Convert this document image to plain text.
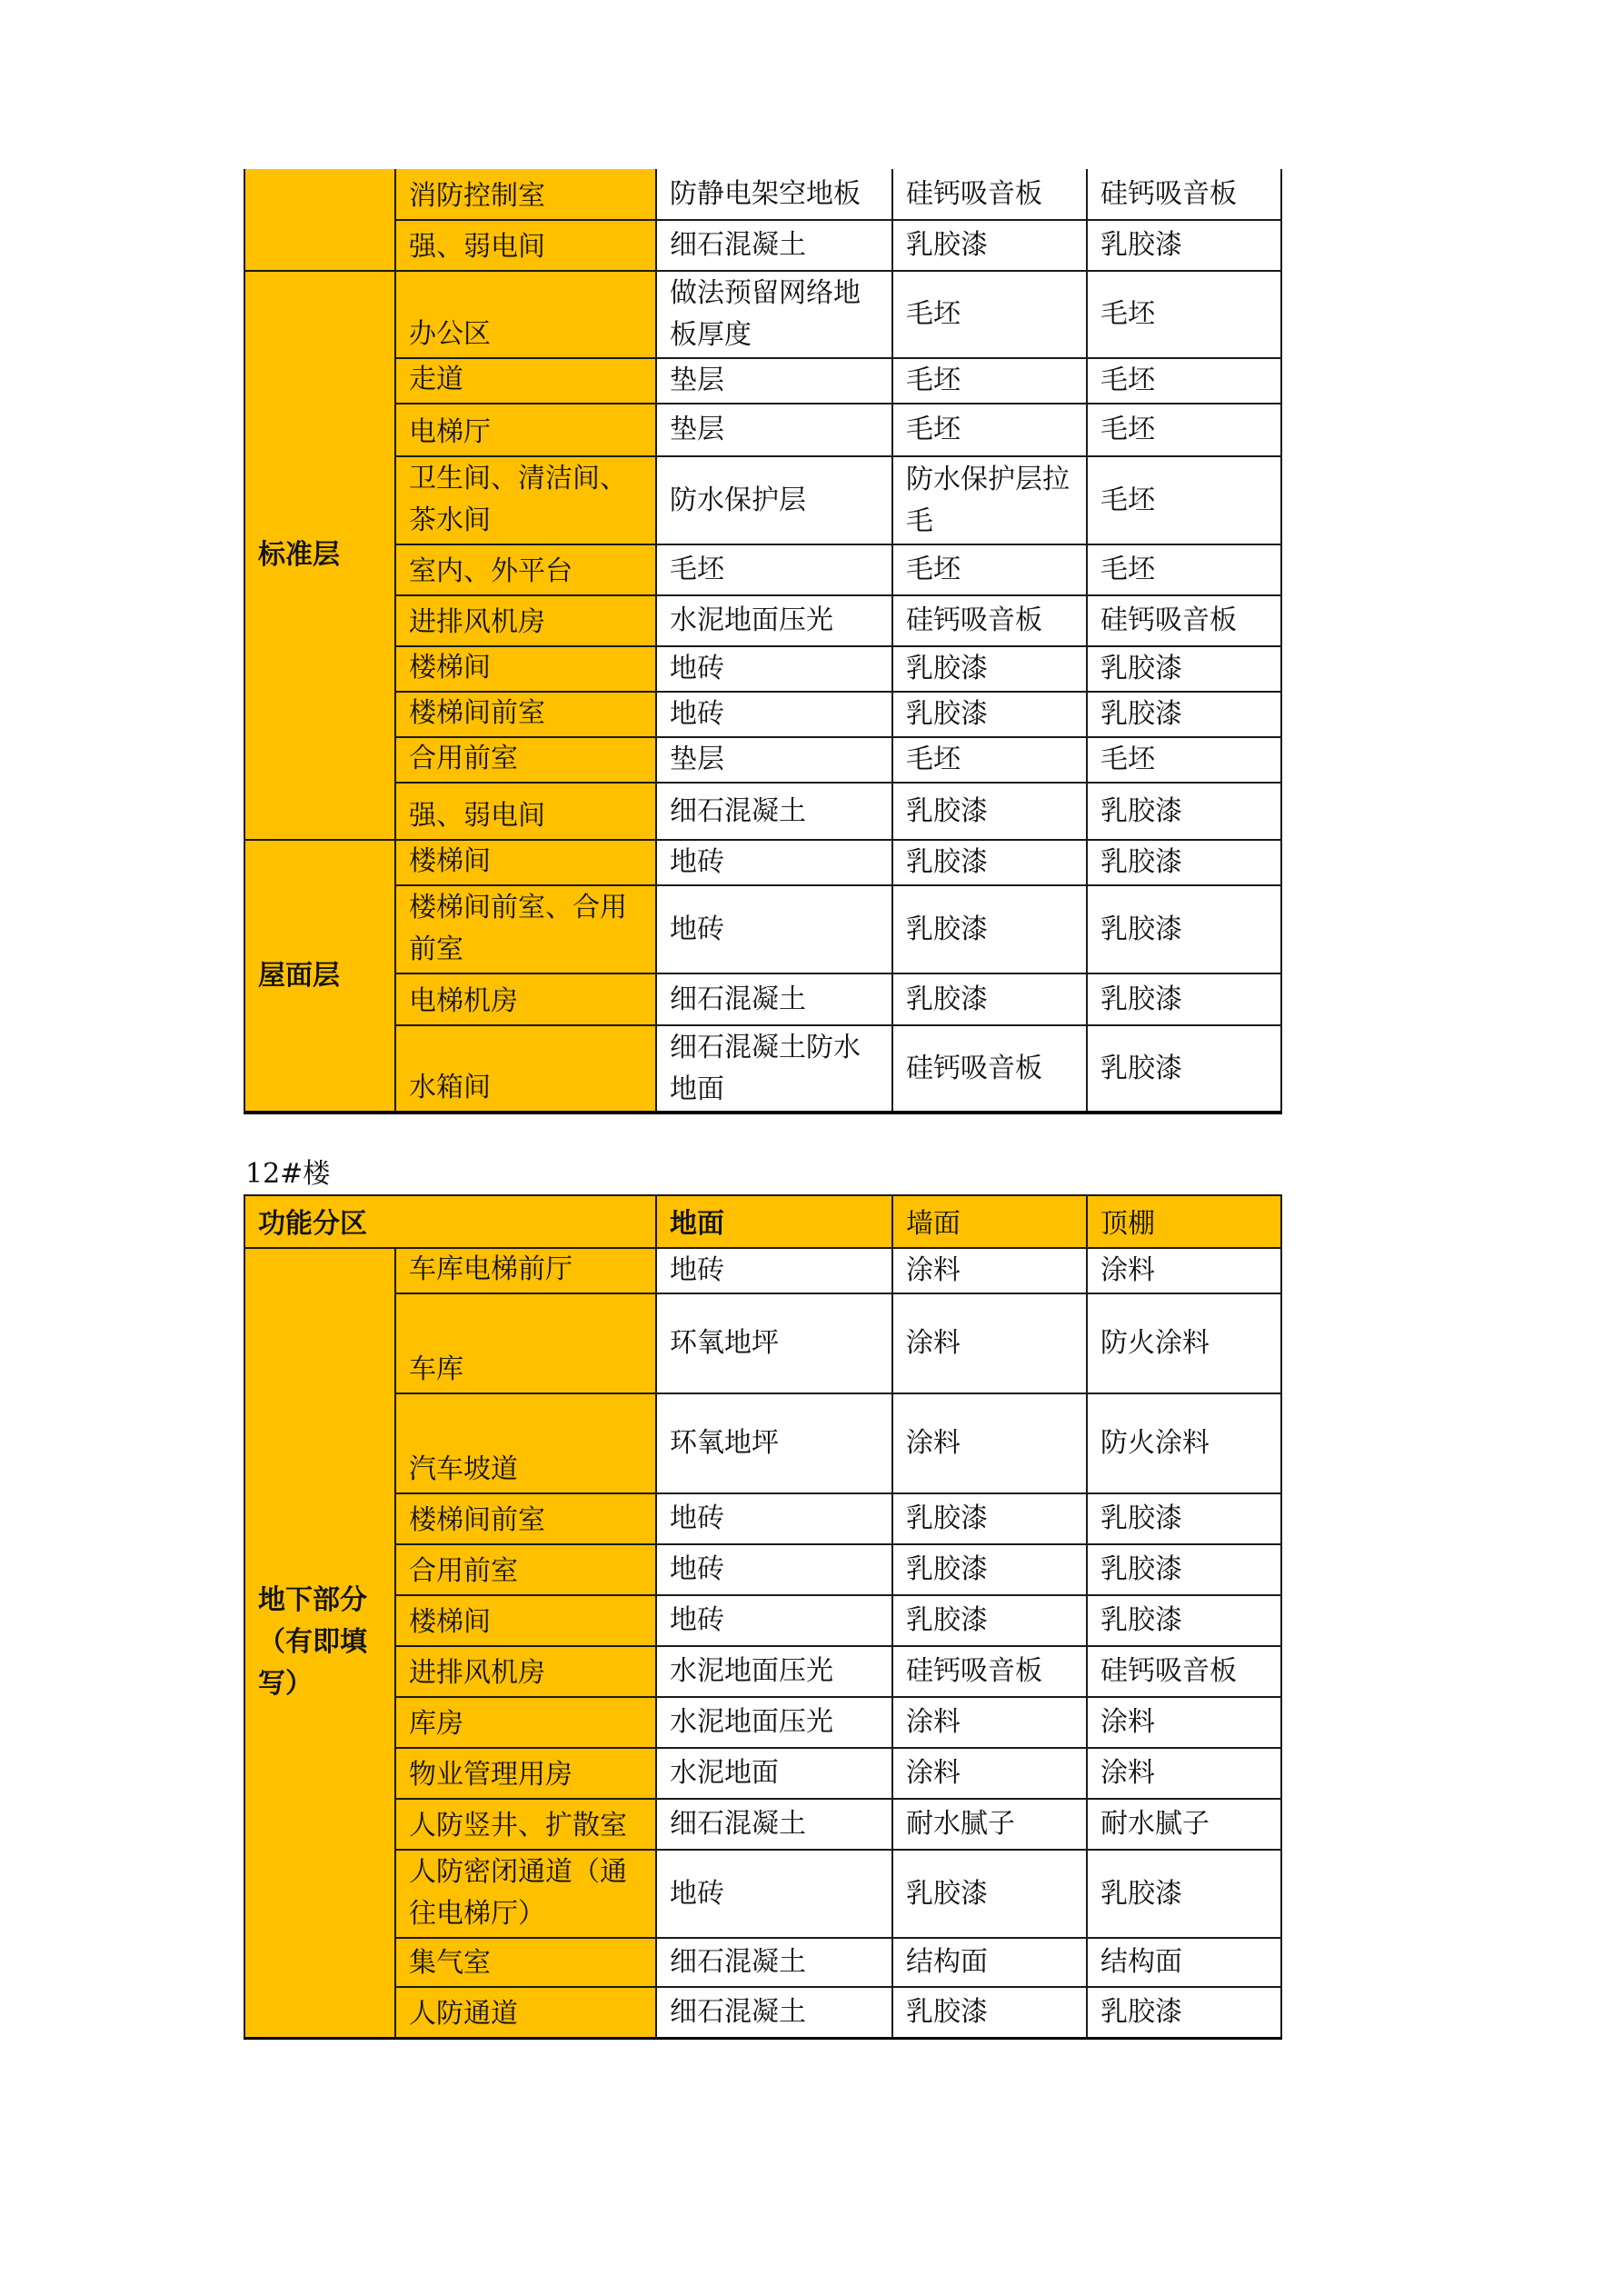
	消防控制室	防静电架空地板	硅钙吸音板	硅钙吸音板
	强、弱电间	细石混凝土	乳胶漆	乳胶漆
标准层	办公区	做法预留网络地板厚度	毛坯	毛坯
	走道	垫层	毛坯	毛坯
	电梯厅	垫层	毛坯	毛坯
	卫生间、清洁间、茶水间	防水保护层	防水保护层拉毛	毛坯
	室内、外平台	毛坯	毛坯	毛坯
	进排风机房	水泥地面压光	硅钙吸音板	硅钙吸音板
	楼梯间	地砖	乳胶漆	乳胶漆
	楼梯间前室	地砖	乳胶漆	乳胶漆
	合用前室	垫层	毛坯	毛坯
	强、弱电间	细石混凝土	乳胶漆	乳胶漆
屋面层	楼梯间	地砖	乳胶漆	乳胶漆
	楼梯间前室、合用前室	地砖	乳胶漆	乳胶漆
	电梯机房	细石混凝土	乳胶漆	乳胶漆
	水箱间	细石混凝土防水地面	硅钙吸音板	乳胶漆
12#楼
功能分区		地面	墙面	顶棚
地下部分（有即填写）	车库电梯前厅	地砖	涂料	涂料
	车库	环氧地坪	涂料	防火涂料
	汽车坡道	环氧地坪	涂料	防火涂料
	楼梯间前室	地砖	乳胶漆	乳胶漆
	合用前室	地砖	乳胶漆	乳胶漆
	楼梯间	地砖	乳胶漆	乳胶漆
	进排风机房	水泥地面压光	硅钙吸音板	硅钙吸音板
	库房	水泥地面压光	涂料	涂料
	物业管理用房	水泥地面	涂料	涂料
	人防竖井、扩散室	细石混凝土	耐水腻子	耐水腻子
	人防密闭通道（通往电梯厅）	地砖	乳胶漆	乳胶漆
	集气室	细石混凝土	结构面	结构面
	人防通道	细石混凝土	乳胶漆	乳胶漆
